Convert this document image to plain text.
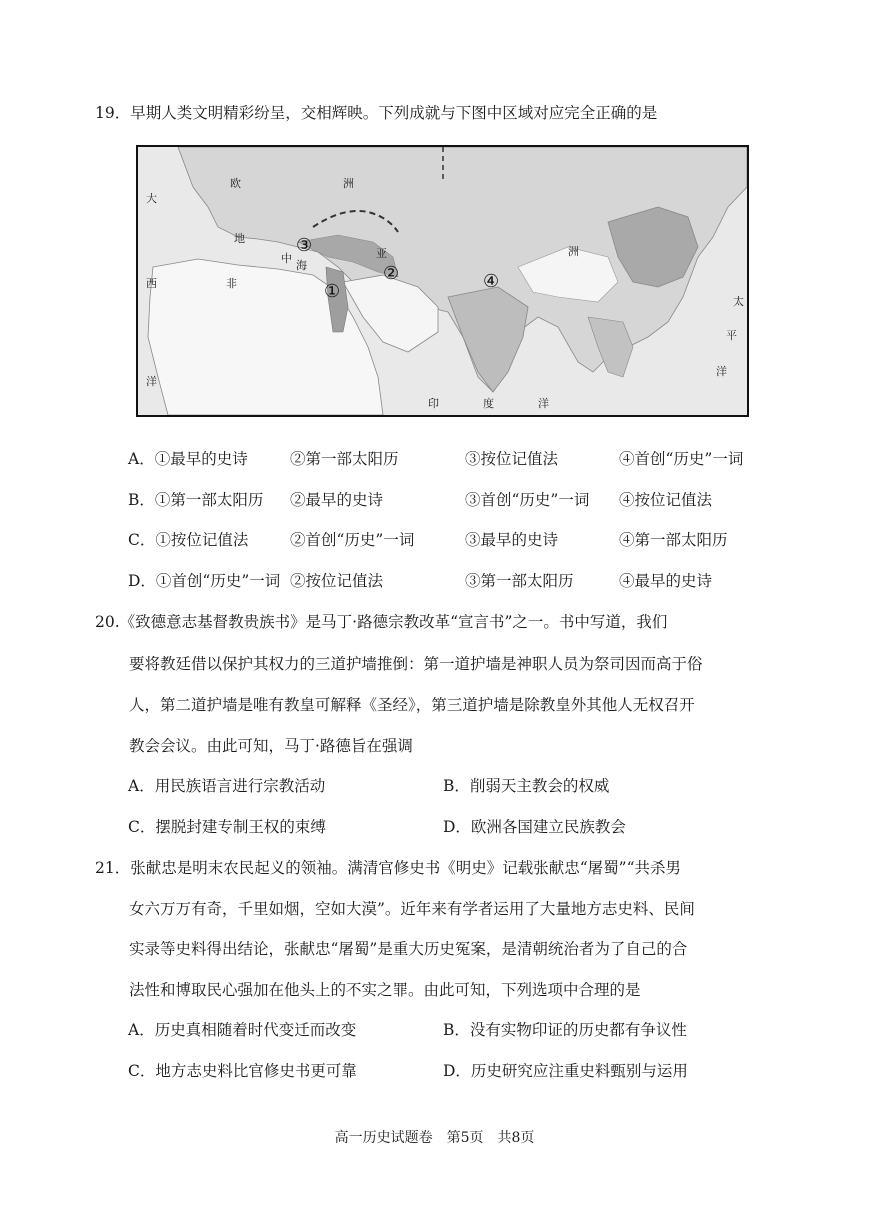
19．早期人类文明精彩纷呈，交相辉映。下列成就与下图中区域对应完全正确的是
大
欧	洲
地
中
海
西	非
亚	洲
洋
印	度	洋
太
平
洋
①
②
③
④
A．①最早的史诗	②第一部太阳历	③按位记值法	④首创“历史”一词
B．①第一部太阳历 ②最早的史诗	③首创“历史”一词 ④按位记值法
C．①按位记值法	②首创“历史”一词	③最早的史诗	④第一部太阳历
D．①首创“历史”一词 ②按位记值法	③第一部太阳历	④最早的史诗
20.《致德意志基督教贵族书》是马丁·路德宗教改革“宣言书”之一。书中写道，我们
要将教廷借以保护其权力的三道护墙推倒：第一道护墙是神职人员为祭司因而高于俗
人，第二道护墙是唯有教皇可解释《圣经》，第三道护墙是除教皇外其他人无权召开
教会会议。由此可知，马丁·路德旨在强调
A．用民族语言进行宗教活动	B．削弱天主教会的权威
C．摆脱封建专制王权的束缚	D．欧洲各国建立民族教会
21．张献忠是明末农民起义的领袖。满清官修史书《明史》记载张献忠“屠蜀”“共杀男
女六万万有奇，千里如烟，空如大漠”。近年来有学者运用了大量地方志史料、民间
实录等史料得出结论，张献忠“屠蜀”是重大历史冤案，是清朝统治者为了自己的合
法性和博取民心强加在他头上的不实之罪。由此可知，下列选项中合理的是
A．历史真相随着时代变迁而改变	B．没有实物印证的历史都有争议性
C．地方志史料比官修史书更可靠	D．历史研究应注重史料甄别与运用
高一历史试题卷　第5页　共8页
